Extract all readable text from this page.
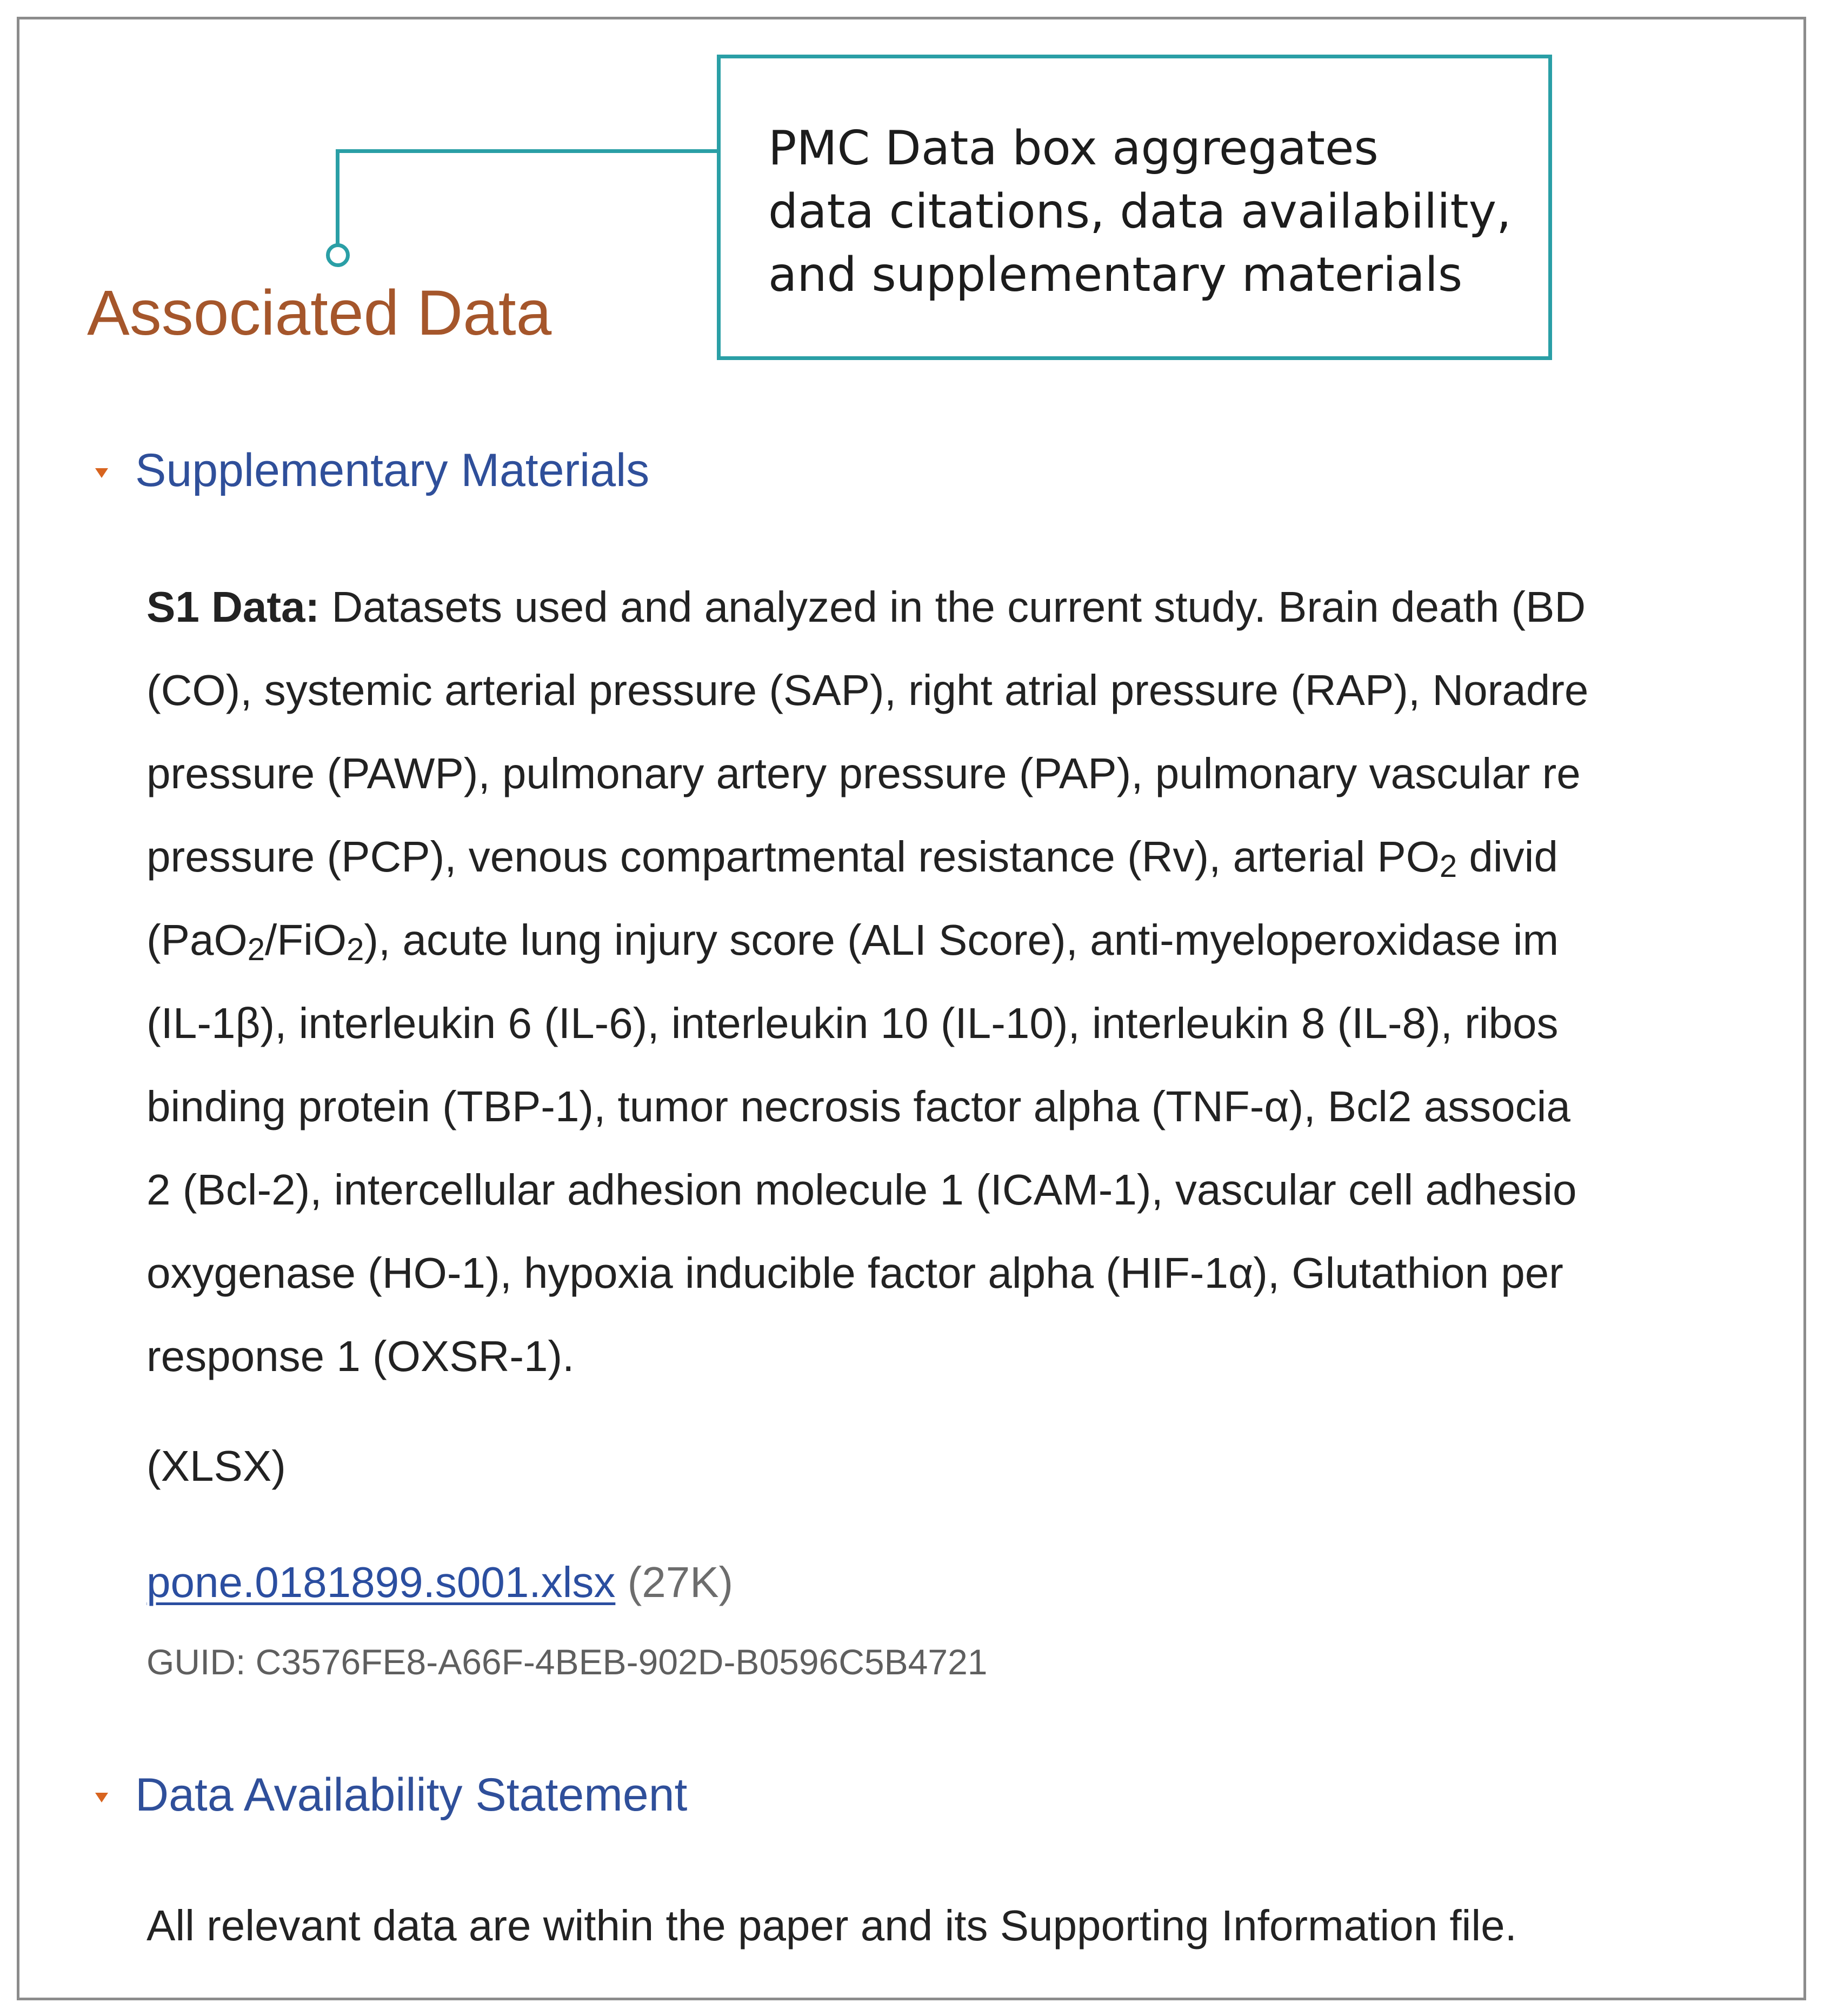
Associated Data
PMC Data box aggregates
data citations, data availability,
and supplementary materials
Supplementary Materials
S1 Data: Datasets used and analyzed in the current study. Brain death (BD
(CO), systemic arterial pressure (SAP), right atrial pressure (RAP), Noradre
pressure (PAWP), pulmonary artery pressure (PAP), pulmonary vascular re
pressure (PCP), venous compartmental resistance (Rv), arterial $PO_2$ divid
(PaO$_2$/FiO$_2$), acute lung injury score (ALI Score), anti-myeloperoxidase im
(IL-1β), interleukin 6 (IL-6), interleukin 10 (IL-10), interleukin 8 (IL-8), ribos
binding protein (TBP-1), tumor necrosis factor alpha (TNF-α), Bcl2 associa
2 (Bcl-2), intercellular adhesion molecule 1 (ICAM-1), vascular cell adhesio
oxygenase (HO-1), hypoxia inducible factor alpha (HIF-1α), Glutathion per
response 1 (OXSR-1).
(XLSX)
pone.0181899.s001.xlsx (27K)
GUID: C3576FE8-A66F-4BEB-902D-B0596C5B4721
Data Availability Statement
All relevant data are within the paper and its Supporting Information file.
